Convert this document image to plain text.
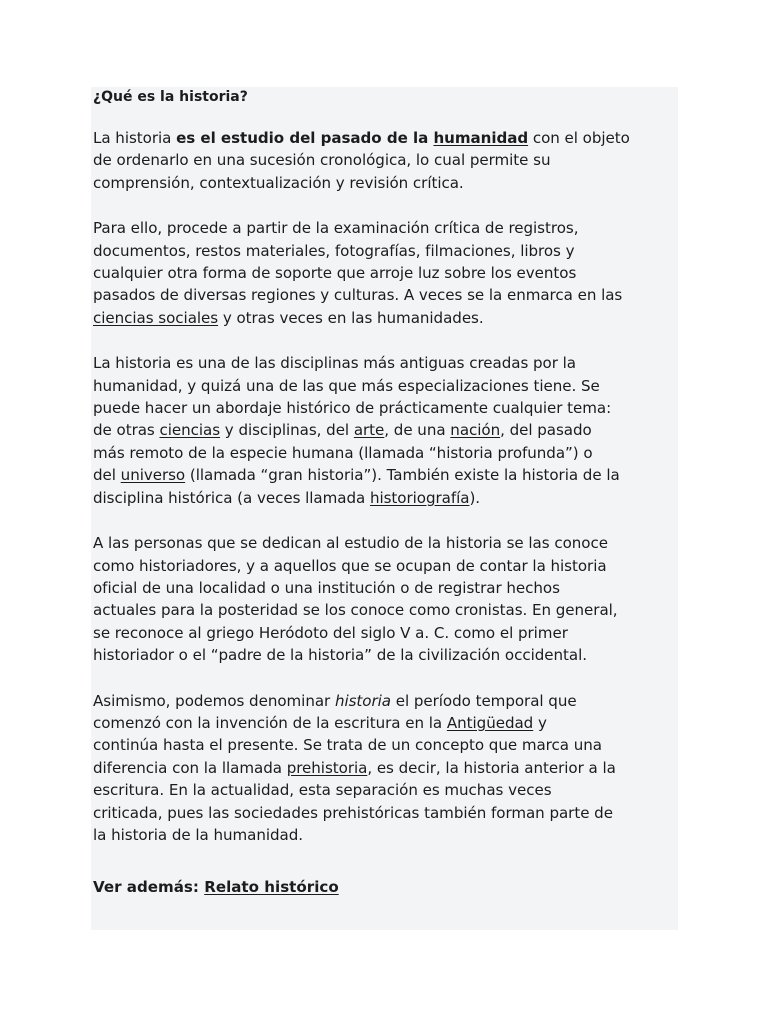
¿Qué es la historia?

La historia es el estudio del pasado de la humanidad con el objeto
de ordenarlo en una sucesión cronológica, lo cual permite su
comprensión, contextualización y revisión crítica.

Para ello, procede a partir de la examinación crítica de registros,
documentos, restos materiales, fotografías, filmaciones, libros y
cualquier otra forma de soporte que arroje luz sobre los eventos
pasados de diversas regiones y culturas. A veces se la enmarca en las
ciencias sociales y otras veces en las humanidades.

La historia es una de las disciplinas más antiguas creadas por la
humanidad, y quizá una de las que más especializaciones tiene. Se
puede hacer un abordaje histórico de prácticamente cualquier tema:
de otras ciencias y disciplinas, del arte, de una nación, del pasado
más remoto de la especie humana (llamada “historia profunda”) o
del universo (llamada “gran historia”). También existe la historia de la
disciplina histórica (a veces llamada historiografía).

A las personas que se dedican al estudio de la historia se las conoce
como historiadores, y a aquellos que se ocupan de contar la historia
oficial de una localidad o una institución o de registrar hechos
actuales para la posteridad se los conoce como cronistas. En general,
se reconoce al griego Heródoto del siglo V a. C. como el primer
historiador o el “padre de la historia” de la civilización occidental.

Asimismo, podemos denominar historia el período temporal que
comenzó con la invención de la escritura en la Antigüedad y
continúa hasta el presente. Se trata de un concepto que marca una
diferencia con la llamada prehistoria, es decir, la historia anterior a la
escritura. En la actualidad, esta separación es muchas veces
criticada, pues las sociedades prehistóricas también forman parte de
la historia de la humanidad.

Ver además: Relato histórico
